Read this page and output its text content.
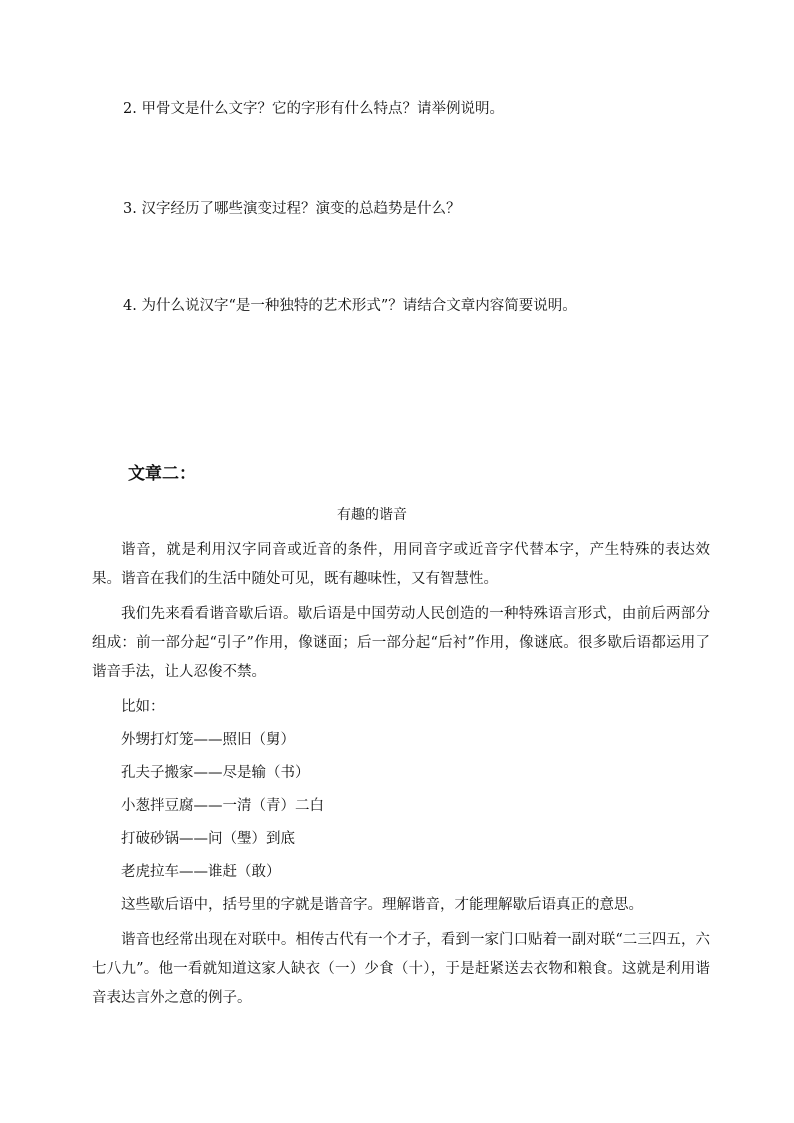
2. 甲骨文是什么文字？它的字形有什么特点？请举例说明。
3. 汉字经历了哪些演变过程？演变的总趋势是什么？
4. 为什么说汉字“是一种独特的艺术形式”？请结合文章内容简要说明。
文章二：
有趣的谐音

谐音，就是利用汉字同音或近音的条件，用同音字或近音字代替本字，产生特殊的表达效果。谐音在我们的生活中随处可见，既有趣味性，又有智慧性。

我们先来看看谐音歇后语。歇后语是中国劳动人民创造的一种特殊语言形式，由前后两部分组成：前一部分起“引子”作用，像谜面；后一部分起“后衬”作用，像谜底。很多歇后语都运用了谐音手法，让人忍俊不禁。

比如：

外甥打灯笼——照旧（舅）

孔夫子搬家——尽是输（书）

小葱拌豆腐——一清（青）二白

打破砂锅——问（璺）到底

老虎拉车——谁赶（敢）

这些歇后语中，括号里的字就是谐音字。理解谐音，才能理解歇后语真正的意思。

谐音也经常出现在对联中。相传古代有一个才子，看到一家门口贴着一副对联“二三四五，六七八九”。他一看就知道这家人缺衣（一）少食（十），于是赶紧送去衣物和粮食。这就是利用谐音表达言外之意的例子。
